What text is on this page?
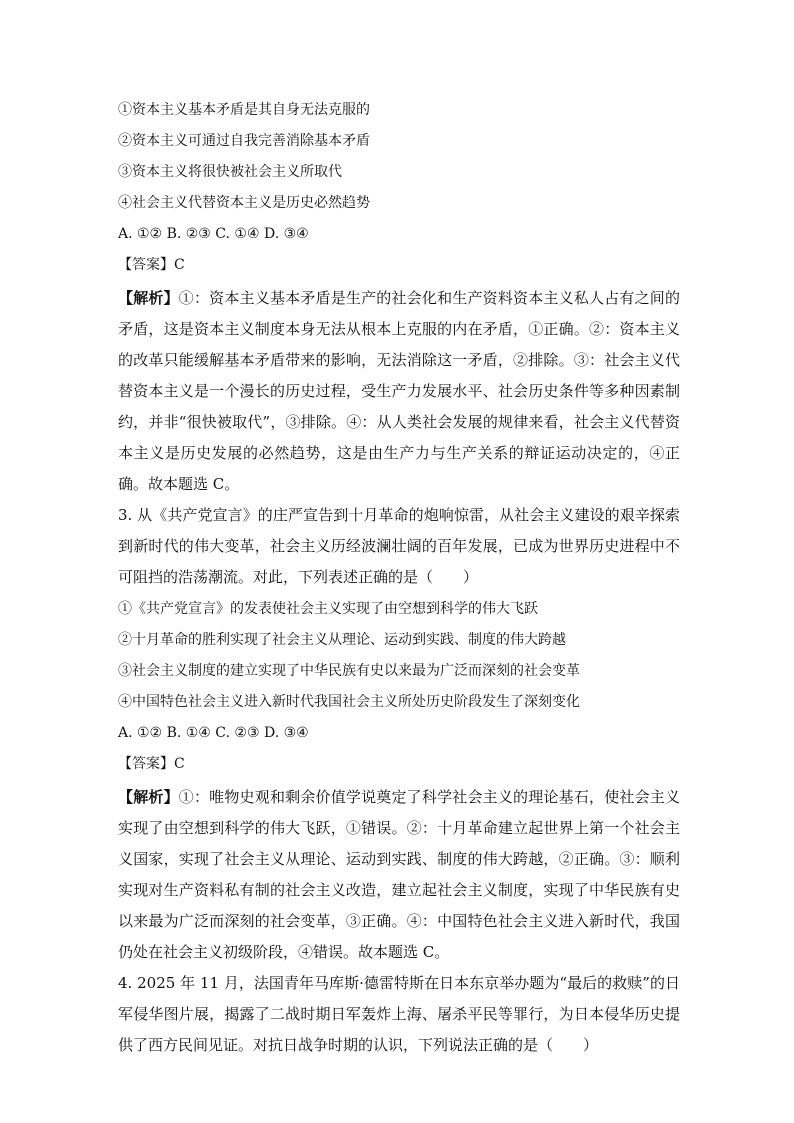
①资本主义基本矛盾是其自身无法克服的
②资本主义可通过自我完善消除基本矛盾
③资本主义将很快被社会主义所取代
④社会主义代替资本主义是历史必然趋势
A. ①② B. ②③ C. ①④ D. ③④
【答案】C

【解析】①：资本主义基本矛盾是生产的社会化和生产资料资本主义私人占有之间的矛盾，这是资本主义制度本身无法从根本上克服的内在矛盾，①正确。②：资本主义的改革只能缓解基本矛盾带来的影响，无法消除这一矛盾，②排除。③：社会主义代替资本主义是一个漫长的历史过程，受生产力发展水平、社会历史条件等多种因素制约，并非“很快被取代”，③排除。④：从人类社会发展的规律来看，社会主义代替资本主义是历史发展的必然趋势，这是由生产力与生产关系的辩证运动决定的，④正确。故本题选 C。

3. 从《共产党宣言》的庄严宣告到十月革命的炮响惊雷，从社会主义建设的艰辛探索到新时代的伟大变革，社会主义历经波澜壮阔的百年发展，已成为世界历史进程中不可阻挡的浩荡潮流。对此，下列表述正确的是（　　）

①《共产党宣言》的发表使社会主义实现了由空想到科学的伟大飞跃
②十月革命的胜利实现了社会主义从理论、运动到实践、制度的伟大跨越
③社会主义制度的建立实现了中华民族有史以来最为广泛而深刻的社会变革
④中国特色社会主义进入新时代我国社会主义所处历史阶段发生了深刻变化
A. ①② B. ①④ C. ②③ D. ③④
【答案】C

【解析】①：唯物史观和剩余价值学说奠定了科学社会主义的理论基石，使社会主义实现了由空想到科学的伟大飞跃，①错误。②：十月革命建立起世界上第一个社会主义国家，实现了社会主义从理论、运动到实践、制度的伟大跨越，②正确。③：顺利实现对生产资料私有制的社会主义改造，建立起社会主义制度，实现了中华民族有史以来最为广泛而深刻的社会变革，③正确。④：中国特色社会主义进入新时代，我国仍处在社会主义初级阶段，④错误。故本题选 C。

4. 2025 年 11 月，法国青年马库斯·德雷特斯在日本东京举办题为“最后的救赎”的日军侵华图片展，揭露了二战时期日军轰炸上海、屠杀平民等罪行，为日本侵华历史提供了西方民间见证。对抗日战争时期的认识，下列说法正确的是（　　）
